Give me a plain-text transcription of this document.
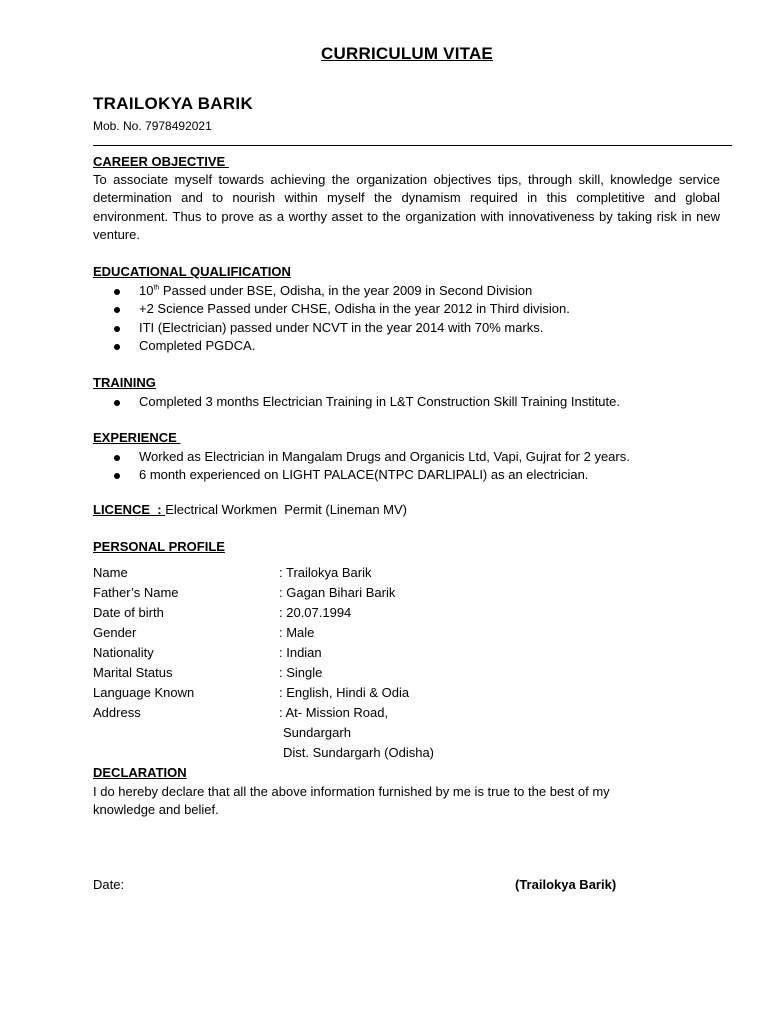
CURRICULUM VITAE
TRAILOKYA BARIK
Mob. No. 7978492021
CAREER OBJECTIVE
To associate myself towards achieving the organization objectives tips, through skill, knowledge service determination and to nourish within myself the dynamism required in this completitive and global environment. Thus to prove as a worthy asset to the organization with innovativeness by taking risk in new venture.
EDUCATIONAL QUALIFICATION
10th Passed under BSE, Odisha, in the year 2009 in Second Division
+2 Science Passed under CHSE, Odisha in the year 2012 in Third division.
ITI (Electrician) passed under NCVT in the year 2014 with 70% marks.
Completed PGDCA.
TRAINING
Completed 3 months Electrician Training in L&T Construction Skill Training Institute.
EXPERIENCE
Worked as Electrician in Mangalam Drugs and Organicis Ltd, Vapi, Gujrat for 2 years.
6 month experienced on LIGHT PALACE(NTPC DARLIPALI) as an electrician.
LICENCE  : Electrical Workmen  Permit (Lineman MV)
PERSONAL PROFILE
Name	: Trailokya Barik
Father’s Name	: Gagan Bihari Barik
Date of birth	: 20.07.1994
Gender	: Male
Nationality	: Indian
Marital Status	: Single
Language Known	: English, Hindi & Odia
Address	: At- Mission Road,
Sundargarh
Dist. Sundargarh (Odisha)
DECLARATION
I do hereby declare that all the above information furnished by me is true to the best of my knowledge and belief.
Date:	(Trailokya Barik)
